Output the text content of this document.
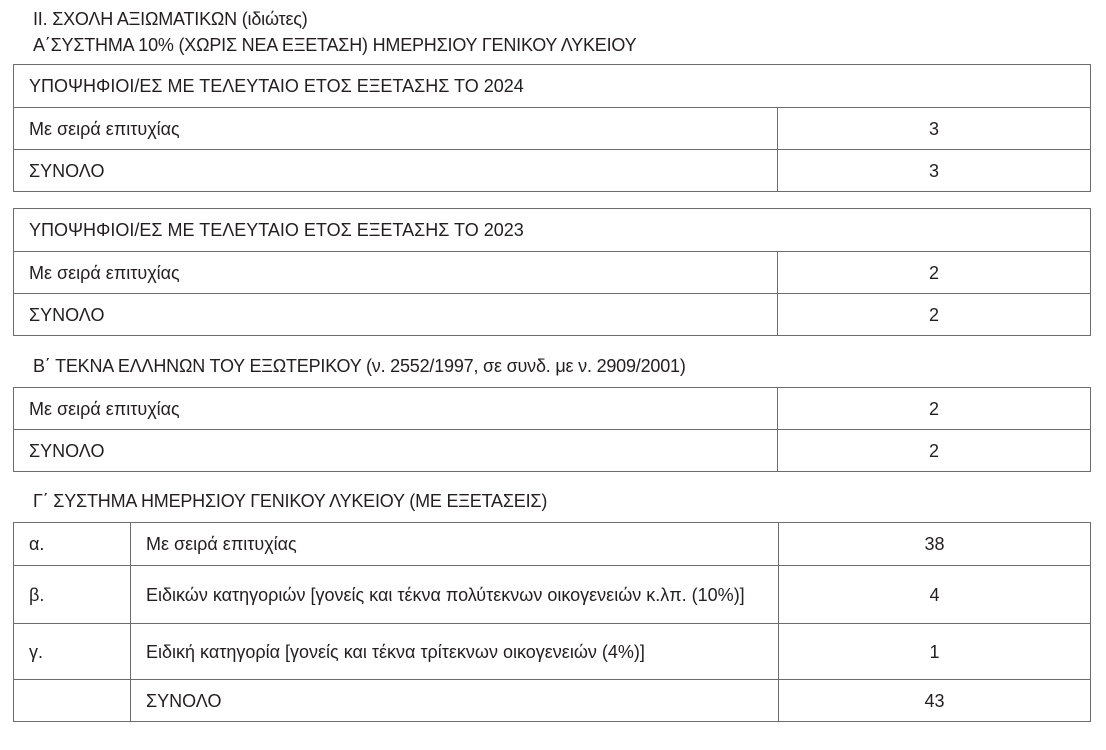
II. ΣΧΟΛΗ ΑΞΙΩΜΑΤΙΚΩΝ (ιδιώτες)
Α΄ΣΥΣΤΗΜΑ 10% (ΧΩΡΙΣ ΝΕΑ ΕΞΕΤΑΣΗ) ΗΜΕΡΗΣΙΟΥ ΓΕΝΙΚΟΥ ΛΥΚΕΙΟΥ
ΥΠΟΨΗΦΙΟΙ/ΕΣ ΜΕ ΤΕΛΕΥΤΑΙΟ ΕΤΟΣ ΕΞΕΤΑΣΗΣ ΤΟ 2024	
Με σειρά επιτυχίας	3
ΣΥΝΟΛΟ	3
ΥΠΟΨΗΦΙΟΙ/ΕΣ ΜΕ ΤΕΛΕΥΤΑΙΟ ΕΤΟΣ ΕΞΕΤΑΣΗΣ ΤΟ 2023	
Με σειρά επιτυχίας	2
ΣΥΝΟΛΟ	2
Β΄ ΤΕΚΝΑ ΕΛΛΗΝΩΝ ΤΟΥ ΕΞΩΤΕΡΙΚΟΥ (ν. 2552/1997, σε συνδ. με ν. 2909/2001)
Με σειρά επιτυχίας	2
ΣΥΝΟΛΟ	2
Γ΄ ΣΥΣΤΗΜΑ ΗΜΕΡΗΣΙΟΥ ΓΕΝΙΚΟΥ ΛΥΚΕΙΟΥ (ΜΕ ΕΞΕΤΑΣΕΙΣ)
α.	Με σειρά επιτυχίας	38
β.	Ειδικών κατηγοριών [γονείς και τέκνα πολύτεκνων οικογενειών κ.λπ. (10%)]	4
γ.	Ειδική κατηγορία [γονείς και τέκνα τρίτεκνων οικογενειών (4%)]	1
	ΣΥΝΟΛΟ	43
